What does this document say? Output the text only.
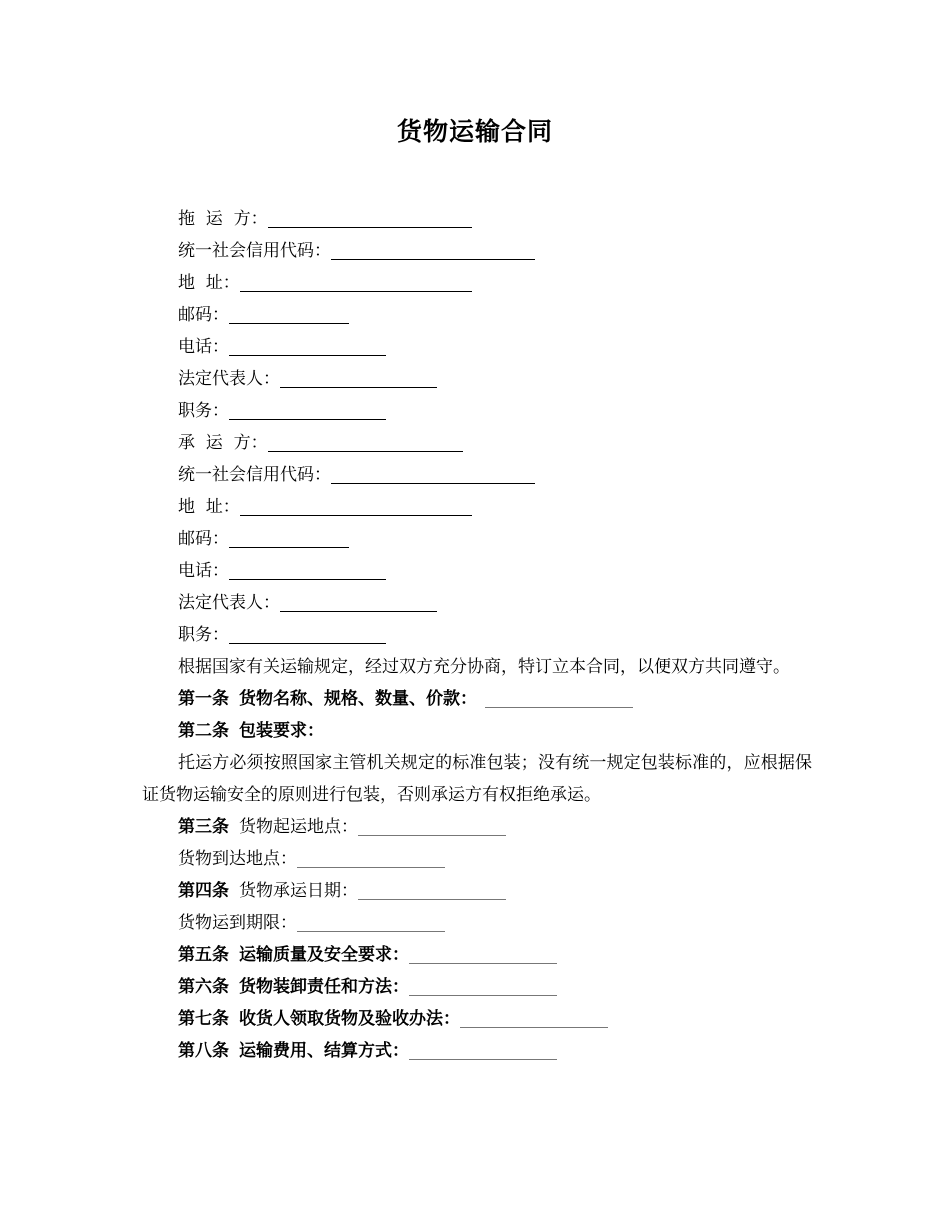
货物运输合同
拖  运  方：
统一社会信用代码：
地  址：
邮码：
电话：
法定代表人：
职务：
承  运  方：
统一社会信用代码：
地  址：
邮码：
电话：
法定代表人：
职务：
根据国家有关运输规定，经过双方充分协商，特订立本合同，以便双方共同遵守。
第一条 货物名称、规格、数量、价款：
第二条 包装要求：
托运方必须按照国家主管机关规定的标准包装；没有统一规定包装标准的，应根据保证货物运输安全的原则进行包装，否则承运方有权拒绝承运。
第三条 货物起运地点：
货物到达地点：
第四条 货物承运日期：
货物运到期限：
第五条 运输质量及安全要求：
第六条 货物装卸责任和方法：
第七条 收货人领取货物及验收办法：
第八条 运输费用、结算方式：
